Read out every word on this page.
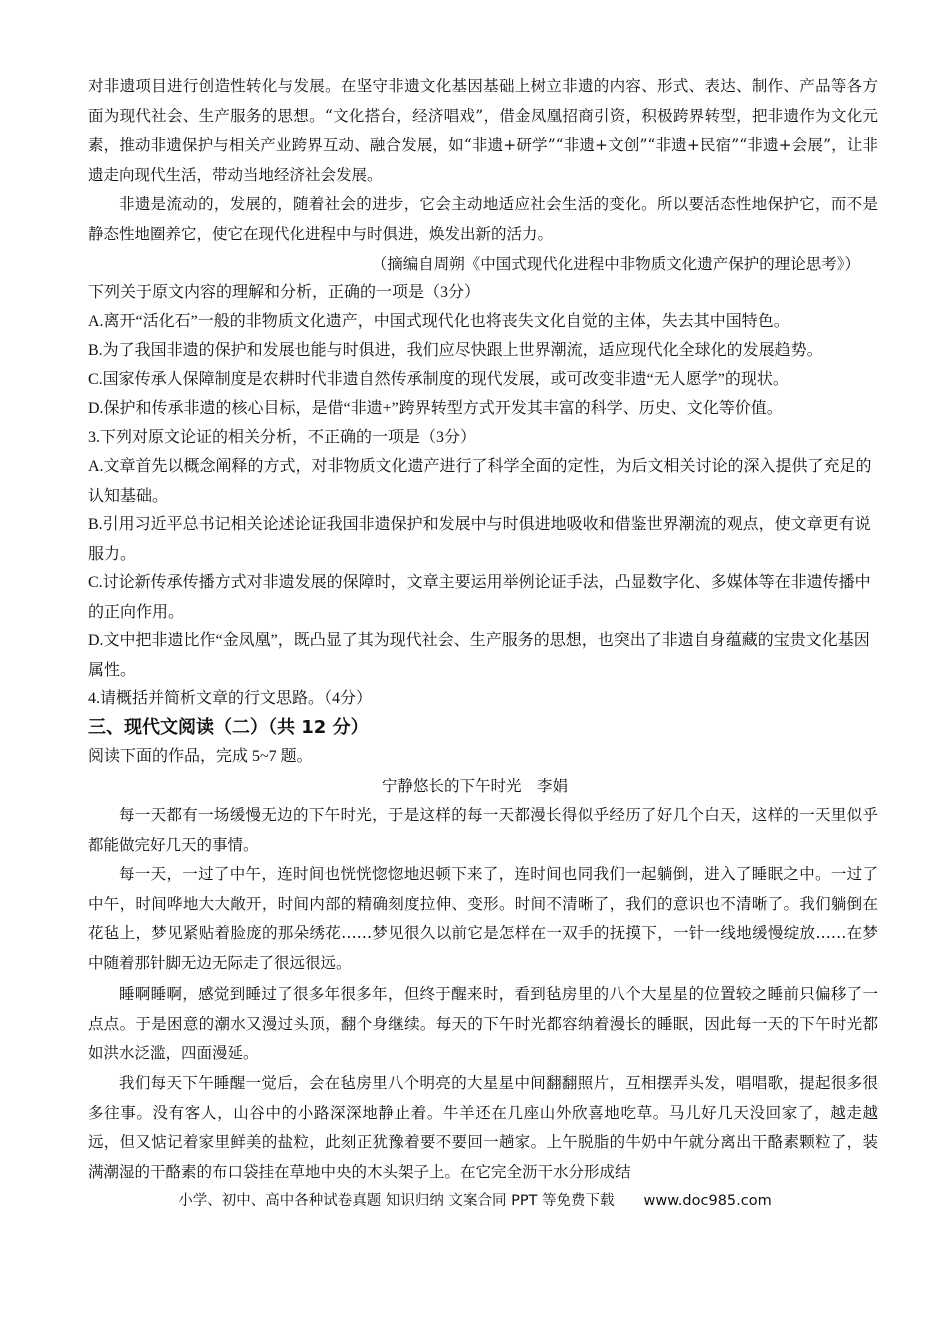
对非遗项目进行创造性转化与发展。在坚守非遗文化基因基础上树立非遗的内容、形式、表达、制作、产品等各方面为现代社会、生产服务的思想。“文化搭台，经济唱戏”，借金凤凰招商引资，积极跨界转型，把非遗作为文化元素，推动非遗保护与相关产业跨界互动、融合发展，如“非遗+研学”“非遗+文创”“非遗+民宿”“非遗+会展”，让非遗走向现代生活，带动当地经济社会发展。

非遗是流动的，发展的，随着社会的进步，它会主动地适应社会生活的变化。所以要活态性地保护它，而不是静态性地圈养它，使它在现代化进程中与时俱进，焕发出新的活力。

（摘编自周朔《中国式现代化进程中非物质文化遗产保护的理论思考》）

下列关于原文内容的理解和分析，正确的一项是（3分）

A.离开“活化石”一般的非物质文化遗产，中国式现代化也将丧失文化自觉的主体，失去其中国特色。

B.为了我国非遗的保护和发展也能与时俱进，我们应尽快跟上世界潮流，适应现代化全球化的发展趋势。

C.国家传承人保障制度是农耕时代非遗自然传承制度的现代发展，或可改变非遗“无人愿学”的现状。

D.保护和传承非遗的核心目标，是借“非遗+”跨界转型方式开发其丰富的科学、历史、文化等价值。

3.下列对原文论证的相关分析，不正确的一项是（3分）

A.文章首先以概念阐释的方式，对非物质文化遗产进行了科学全面的定性，为后文相关讨论的深入提供了充足的认知基础。

B.引用习近平总书记相关论述论证我国非遗保护和发展中与时俱进地吸收和借鉴世界潮流的观点，使文章更有说服力。

C.讨论新传承传播方式对非遗发展的保障时，文章主要运用举例论证手法，凸显数字化、多媒体等在非遗传播中的正向作用。

D.文中把非遗比作“金凤凰”，既凸显了其为现代社会、生产服务的思想，也突出了非遗自身蕴藏的宝贵文化基因属性。

4.请概括并简析文章的行文思路。（4分）

三、现代文阅读（二）（共 12 分）

阅读下面的作品，完成 5~7 题。

宁静悠长的下午时光　李娟

每一天都有一场缓慢无边的下午时光，于是这样的每一天都漫长得似乎经历了好几个白天，这样的一天里似乎都能做完好几天的事情。

每一天，一过了中午，连时间也恍恍惚惚地迟顿下来了，连时间也同我们一起躺倒，进入了睡眠之中。一过了中午，时间哗地大大敞开，时间内部的精确刻度拉伸、变形。时间不清晰了，我们的意识也不清晰了。我们躺倒在花毡上，梦见紧贴着脸庞的那朵绣花……梦见很久以前它是怎样在一双手的抚摸下，一针一线地缓慢绽放……在梦中随着那针脚无边无际走了很远很远。

睡啊睡啊，感觉到睡过了很多年很多年，但终于醒来时，看到毡房里的八个大星星的位置较之睡前只偏移了一点点。于是困意的潮水又漫过头顶，翻个身继续。每天的下午时光都容纳着漫长的睡眠，因此每一天的下午时光都如洪水泛滥，四面漫延。

我们每天下午睡醒一觉后，会在毡房里八个明亮的大星星中间翻翻照片，互相摆弄头发，唱唱歌，提起很多很多往事。没有客人，山谷中的小路深深地静止着。牛羊还在几座山外欣喜地吃草。马儿好几天没回家了，越走越远，但又惦记着家里鲜美的盐粒，此刻正犹豫着要不要回一趟家。上午脱脂的牛奶中午就分离出干酪素颗粒了，装满潮湿的干酪素的布口袋挂在草地中央的木头架子上。在它完全沥干水分形成结

小学、初中、高中各种试卷真题 知识归纳 文案合同 PPT 等免费下载　　www.doc985.com
